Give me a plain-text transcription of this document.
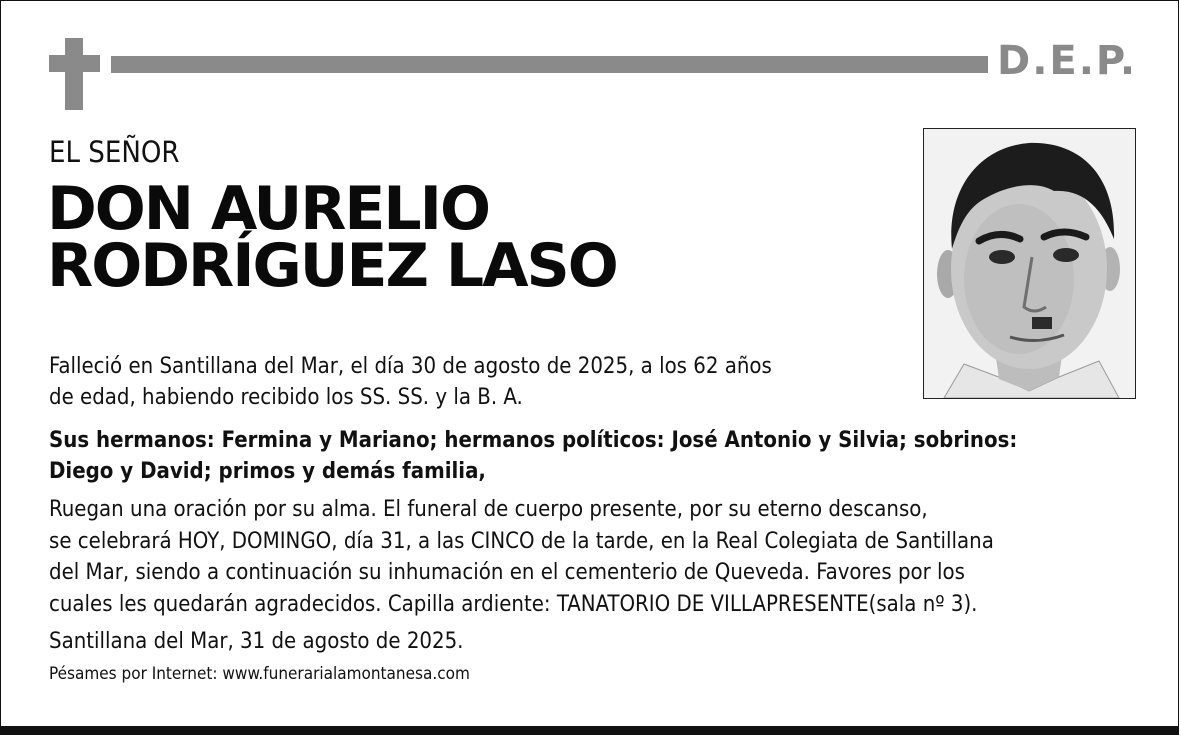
D.E.P.
EL SEÑOR
DON AURELIO
RODRÍGUEZ LASO
Falleció en Santillana del Mar, el día 30 de agosto de 2025, a los 62 años
de edad, habiendo recibido los SS. SS. y la B. A.
Sus hermanos: Fermina y Mariano; hermanos políticos: José Antonio y Silvia; sobrinos:
Diego y David; primos y demás familia,
Ruegan una oración por su alma. El funeral de cuerpo presente, por su eterno descanso,
se celebrará HOY, DOMINGO, día 31, a las CINCO de la tarde, en la Real Colegiata de Santillana
del Mar, siendo a continuación su inhumación en el cementerio de Queveda. Favores por los
cuales les quedarán agradecidos. Capilla ardiente: TANATORIO DE VILLAPRESENTE(sala nº 3).
Santillana del Mar, 31 de agosto de 2025.
Pésames por Internet: www.funerarialamontanesa.com
